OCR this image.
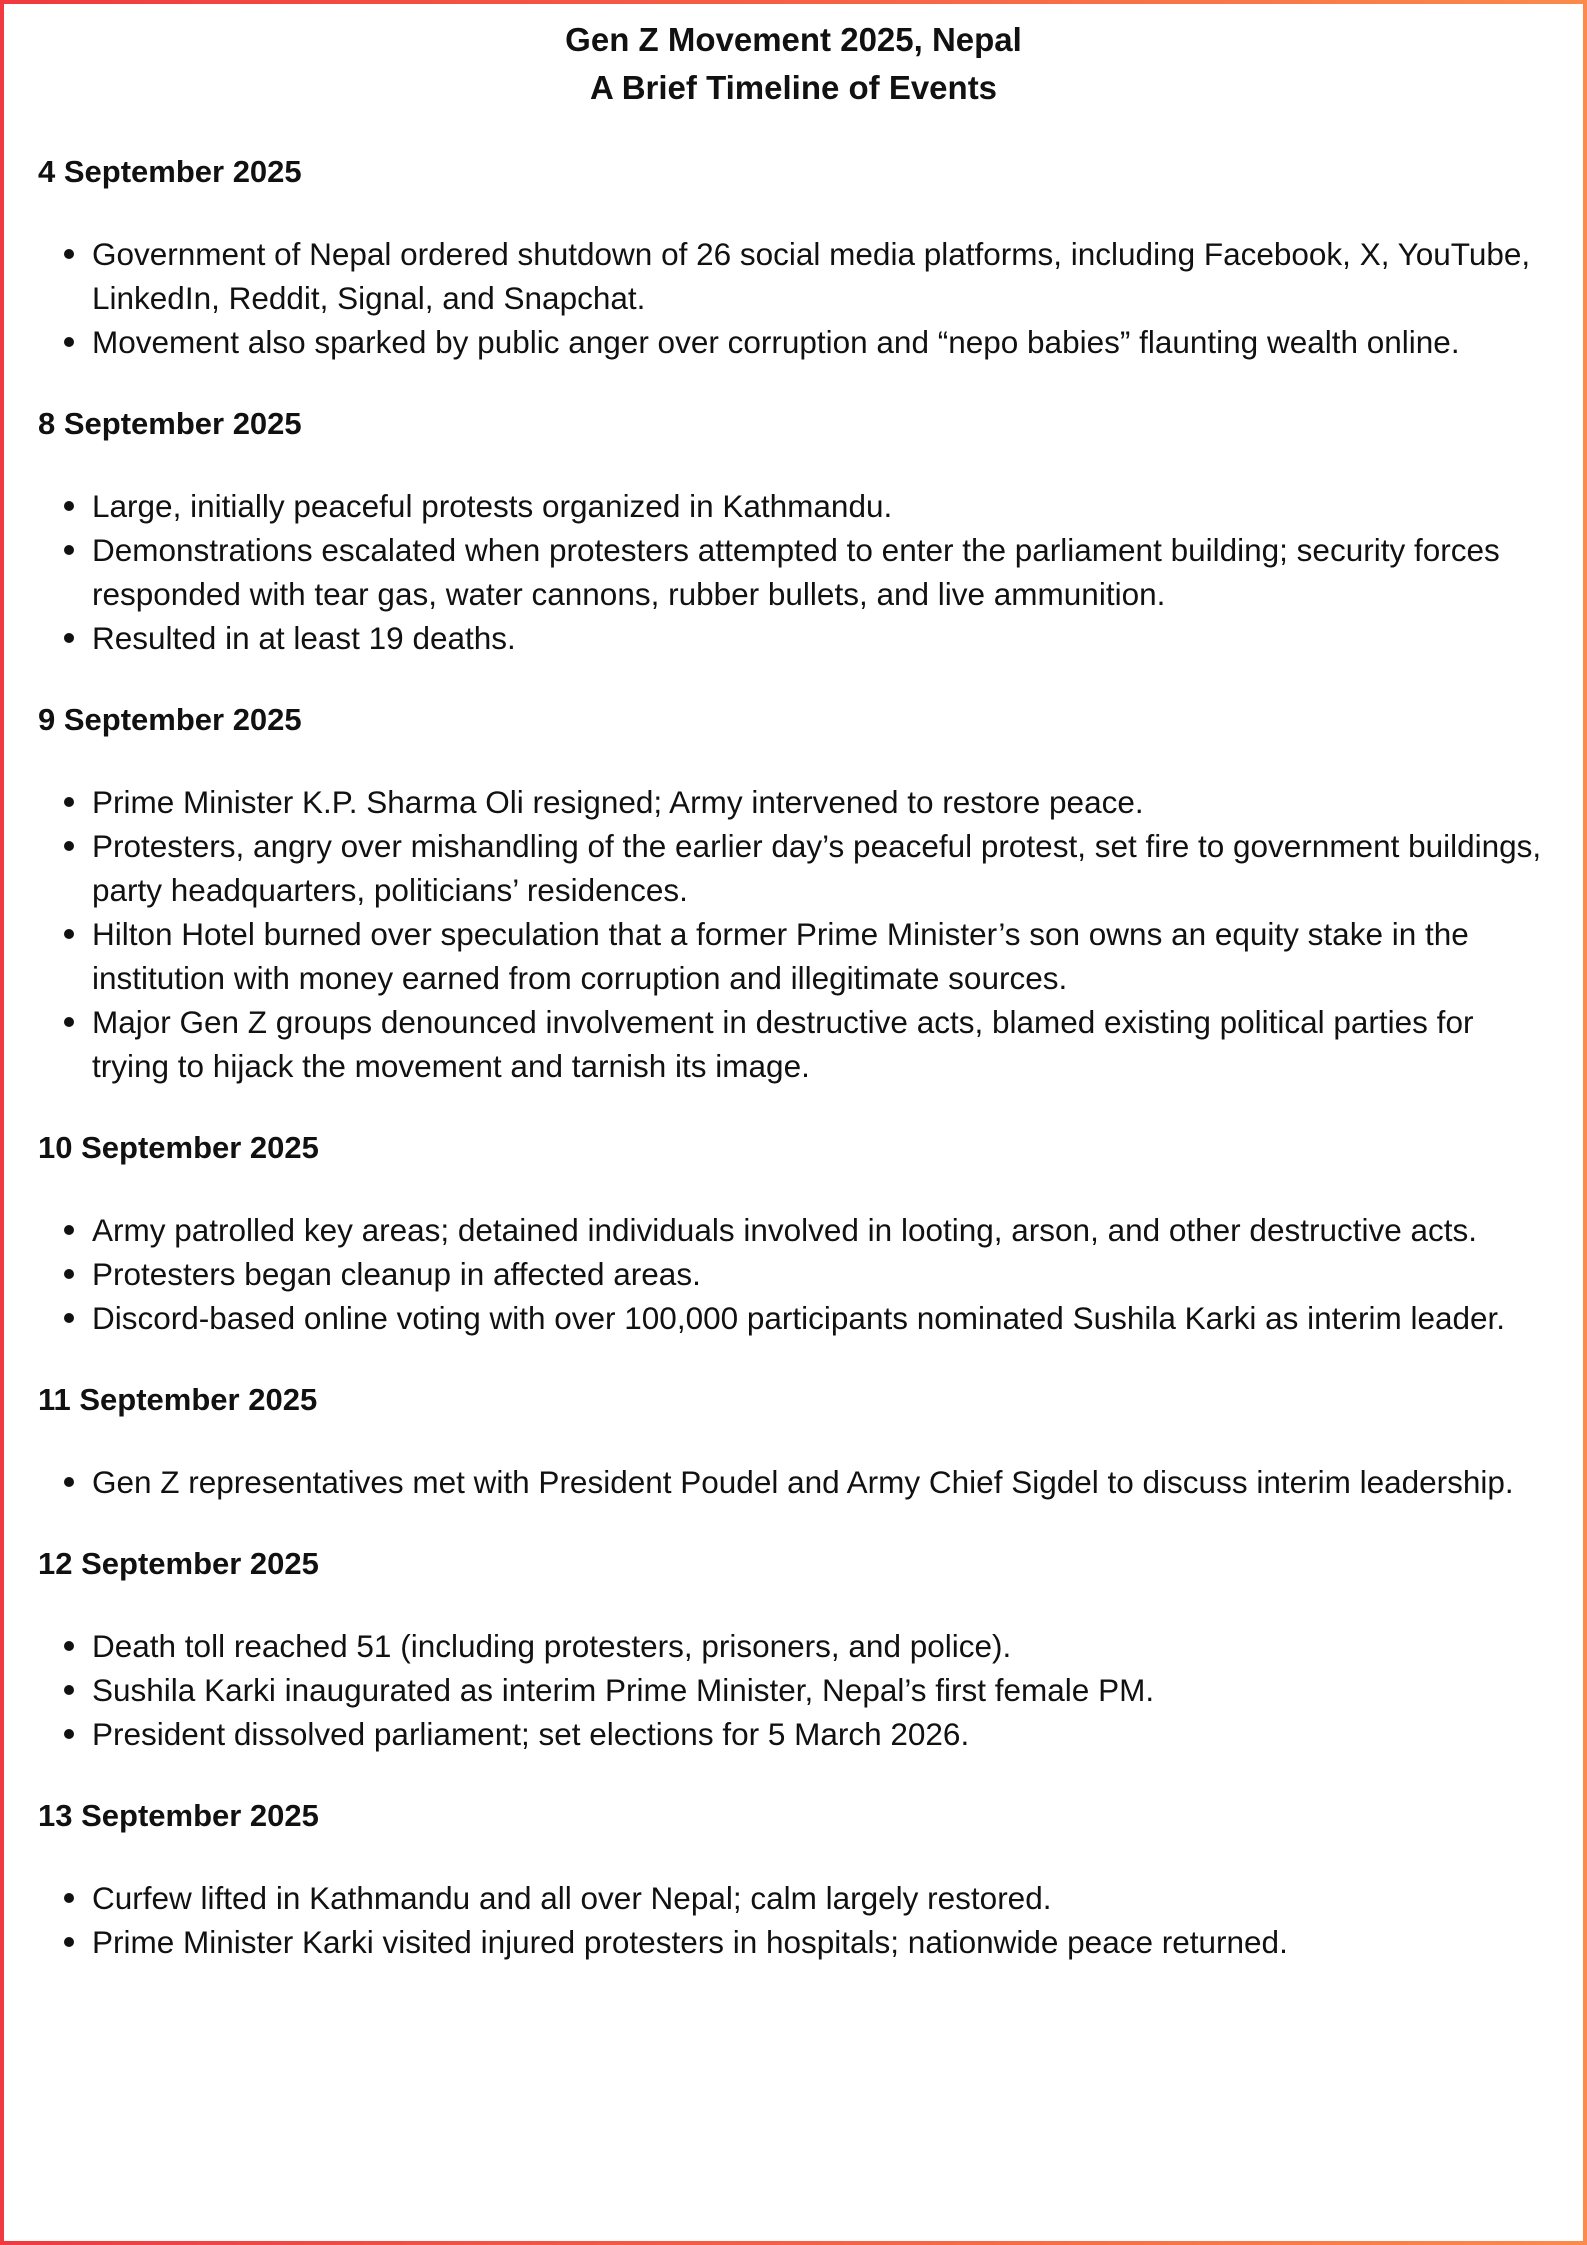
Gen Z Movement 2025, Nepal
A Brief Timeline of Events

4 September 2025

Government of Nepal ordered shutdown of 26 social media platforms, including Facebook, X, YouTube, LinkedIn, Reddit, Signal, and Snapchat.
Movement also sparked by public anger over corruption and “nepo babies” flaunting wealth online.

8 September 2025

Large, initially peaceful protests organized in Kathmandu.
Demonstrations escalated when protesters attempted to enter the parliament building; security forces responded with tear gas, water cannons, rubber bullets, and live ammunition.
Resulted in at least 19 deaths.

9 September 2025

Prime Minister K.P. Sharma Oli resigned; Army intervened to restore peace.
Protesters, angry over mishandling of the earlier day’s peaceful protest, set fire to government buildings, party headquarters, politicians’ residences.
Hilton Hotel burned over speculation that a former Prime Minister’s son owns an equity stake in the institution with money earned from corruption and illegitimate sources.
Major Gen Z groups denounced involvement in destructive acts, blamed existing political parties for trying to hijack the movement and tarnish its image.

10 September 2025

Army patrolled key areas; detained individuals involved in looting, arson, and other destructive acts.
Protesters began cleanup in affected areas.
Discord-based online voting with over 100,000 participants nominated Sushila Karki as interim leader.

11 September 2025

Gen Z representatives met with President Poudel and Army Chief Sigdel to discuss interim leadership.

12 September 2025

Death toll reached 51 (including protesters, prisoners, and police).
Sushila Karki inaugurated as interim Prime Minister, Nepal’s first female PM.
President dissolved parliament; set elections for 5 March 2026.

13 September 2025

Curfew lifted in Kathmandu and all over Nepal; calm largely restored.
Prime Minister Karki visited injured protesters in hospitals; nationwide peace returned.
